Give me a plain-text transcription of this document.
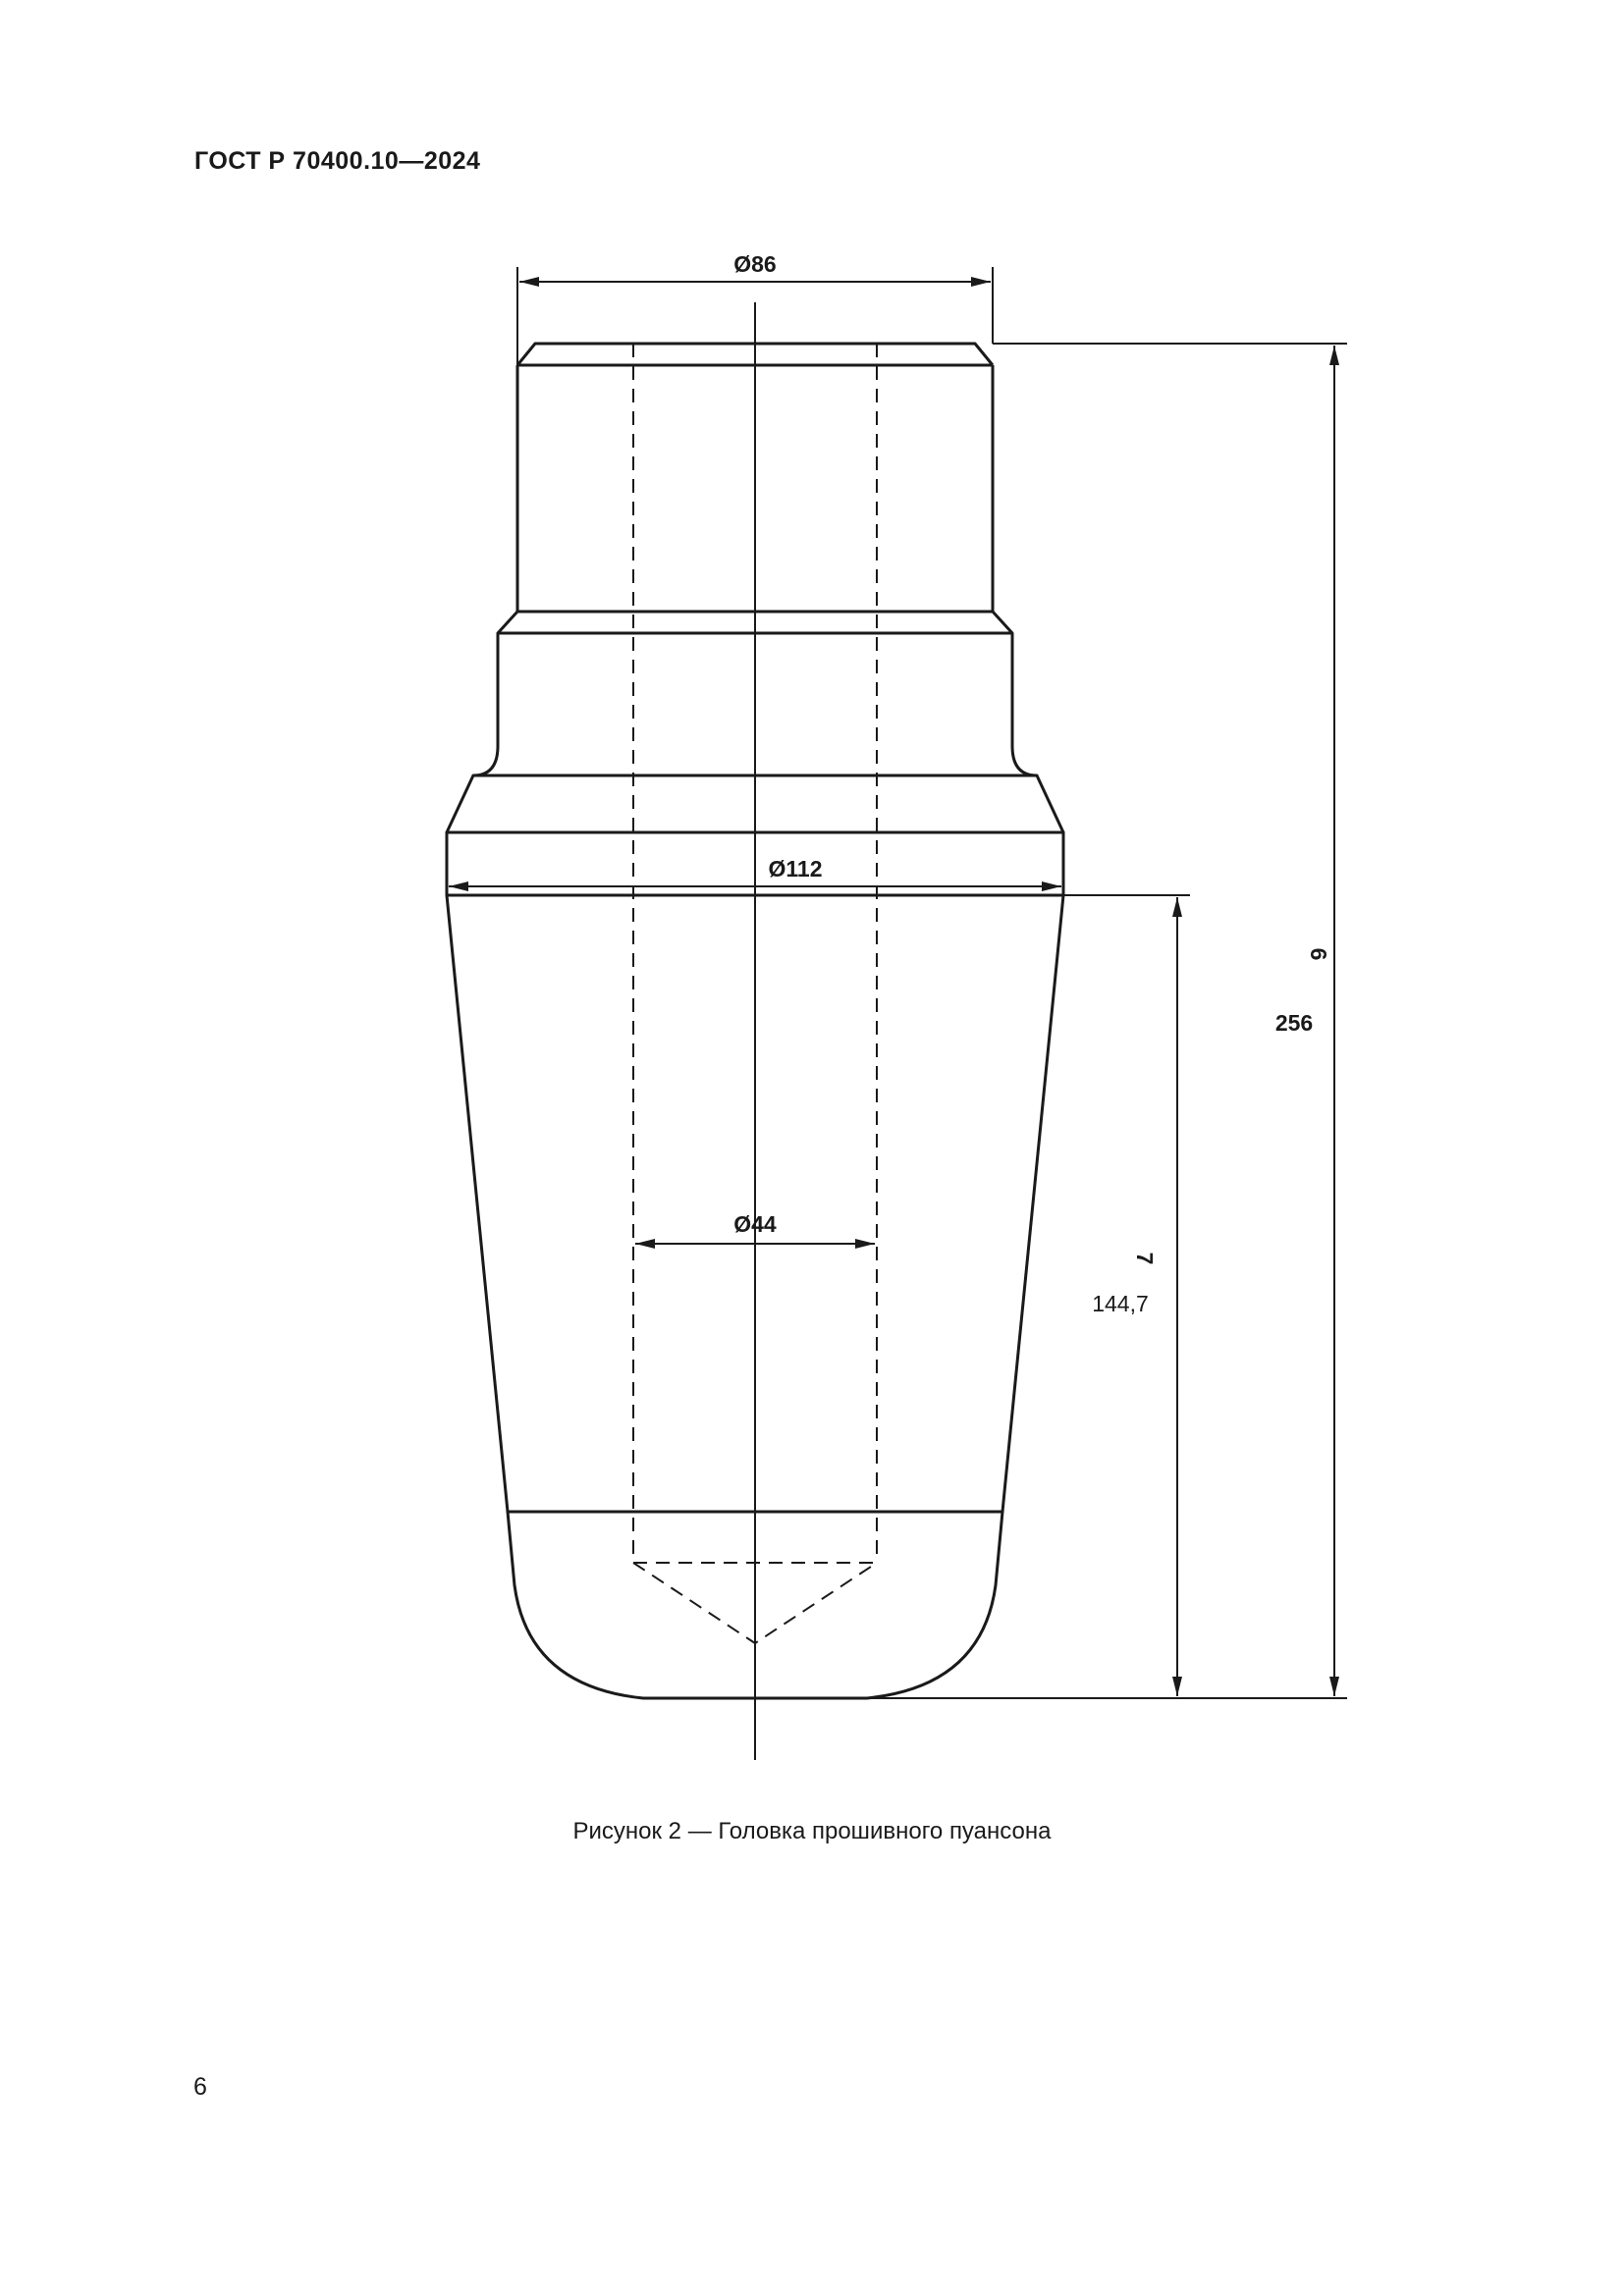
ГОСТ Р 70400.10—2024
Ø86
Ø112
Ø44
6
256
7
144,7
Рисунок 2 — Головка прошивного пуансона
6
